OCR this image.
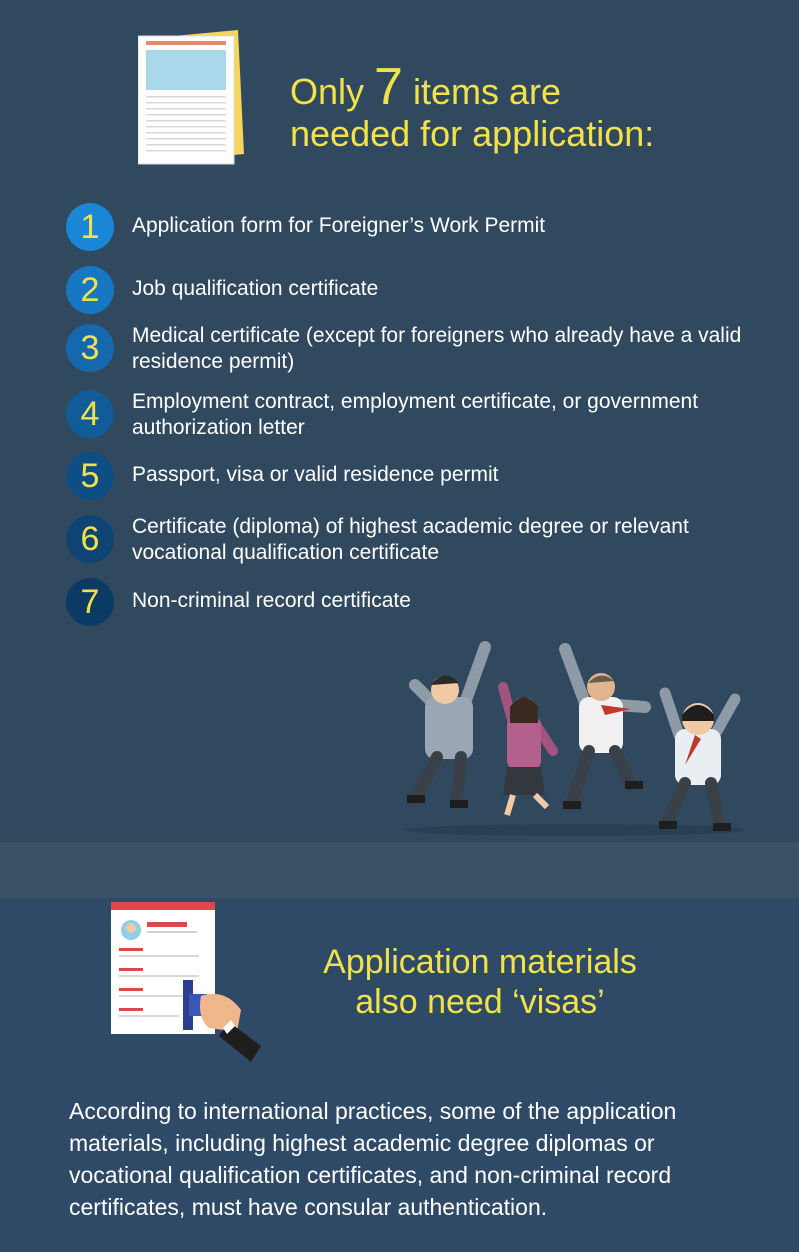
Only 7 items are
needed for application:
1	Application form for Foreigner’s Work Permit
2	Job qualification certificate
3	Medical certificate (except for foreigners who already have a valid residence permit)
4	Employment contract, employment certificate, or government authorization letter
5	Passport, visa or valid residence permit
6	Certificate (diploma) of highest academic degree or relevant vocational qualification certificate
7	Non-criminal record certificate
Application materials
also need ‘visas’
According to international practices, some of the application materials, including highest academic degree diplomas or vocational qualification certificates, and non-criminal record certificates, must have consular authentication.
